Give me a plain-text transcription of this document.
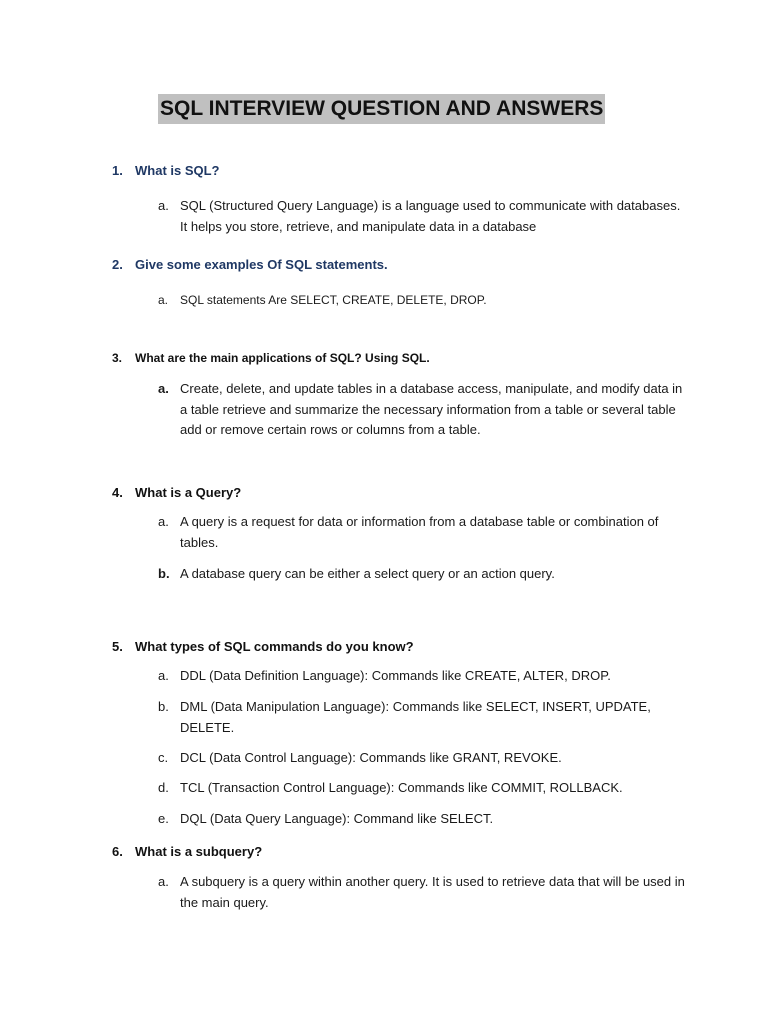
SQL INTERVIEW QUESTION AND ANSWERS
1. What is SQL?
a. SQL (Structured Query Language) is a language used to communicate with databases. It helps you store, retrieve, and manipulate data in a database
2. Give some examples Of SQL statements.
a. SQL statements Are SELECT, CREATE, DELETE, DROP.
3. What are the main applications of SQL? Using SQL.
a. Create, delete, and update tables in a database access, manipulate, and modify data in a table retrieve and summarize the necessary information from a table or several table add or remove certain rows or columns from a table.
4. What is a Query?
a. A query is a request for data or information from a database table or combination of tables.
b. A database query can be either a select query or an action query.
5. What types of SQL commands do you know?
a. DDL (Data Definition Language): Commands like CREATE, ALTER, DROP.
b. DML (Data Manipulation Language): Commands like SELECT, INSERT, UPDATE, DELETE.
c. DCL (Data Control Language): Commands like GRANT, REVOKE.
d. TCL (Transaction Control Language): Commands like COMMIT, ROLLBACK.
e. DQL (Data Query Language): Command like SELECT.
6. What is a subquery?
a. A subquery is a query within another query. It is used to retrieve data that will be used in the main query.
